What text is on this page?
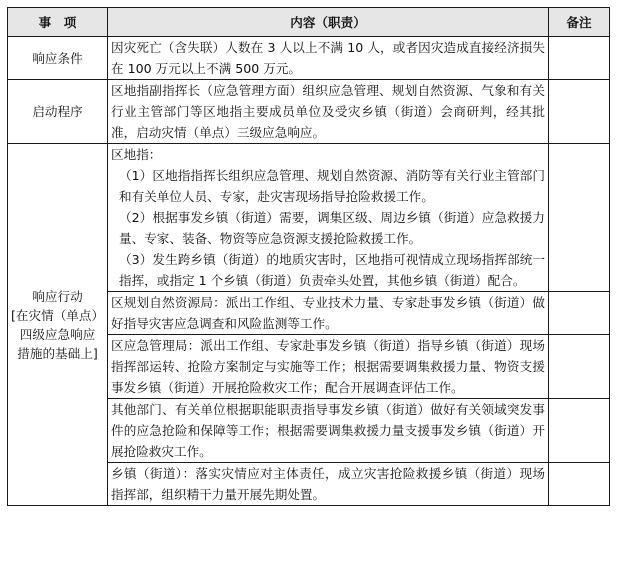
事　项	内容（职责）	备注
响应条件	因灾死亡（含失联）人数在 3 人以上不满 10 人，或者因灾造成直接经济损失在 100 万元以上不满 500 万元。	
启动程序	区地指副指挥长（应急管理方面）组织应急管理、规划自然资源、气象和有关行业主管部门等区地指主要成员单位及受灾乡镇（街道）会商研判，经其批准，启动灾情（单点）三级应急响应。	

响应行动
[在灾情（单点）
四级应急响应
措施的基础上]	区地指：
（1）区地指指挥长组织应急管理、规划自然资源、消防等有关行业主管部门和有关单位人员、专家，赴灾害现场指导抢险救援工作。
（2）根据事发乡镇（街道）需要，调集区级、周边乡镇（街道）应急救援力量、专家、装备、物资等应急资源支援抢险救援工作。
（3）发生跨乡镇（街道）的地质灾害时，区地指可视情成立现场指挥部统一指挥，或指定 1 个乡镇（街道）负责牵头处置，其他乡镇（街道）配合。	

	区规划自然资源局：派出工作组、专业技术力量、专家赴事发乡镇（街道）做好指导灾害应急调查和风险监测等工作。	
	区应急管理局：派出工作组、专家赴事发乡镇（街道）指导乡镇（街道）现场指挥部运转、抢险方案制定与实施等工作；根据需要调集救援力量、物资支援事发乡镇（街道）开展抢险救灾工作；配合开展调查评估工作。	
	其他部门、有关单位根据职能职责指导事发乡镇（街道）做好有关领域突发事件的应急抢险和保障等工作；根据需要调集救援力量支援事发乡镇（街道）开展抢险救灾工作。	
	乡镇（街道）：落实灾情应对主体责任，成立灾害抢险救援乡镇（街道）现场指挥部，组织精干力量开展先期处置。	
